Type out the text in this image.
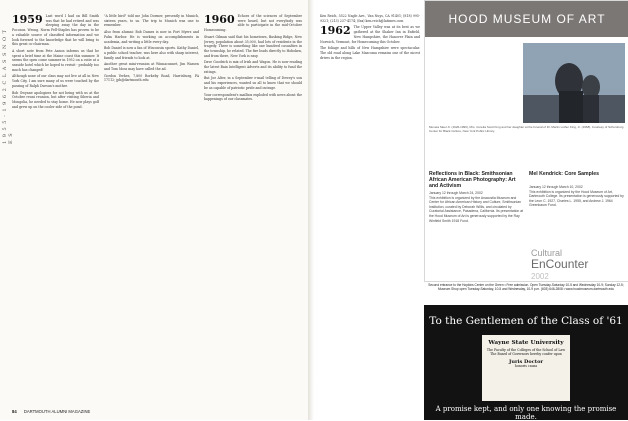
1 9 5 5 - 1 9 6 2 C L A S S N O T E S
1959 Last word I had on Bill Smith was that he had retired and was sleeping away the day in the Poconos. Wrong. Norm Fell-Staples has proven to be a valuable source of classified information and we look forward to the knowledge that he will bring to this great co-chairman.

A short note from Pete Anson informs us that he spent a brief time at the Maine coast this summer. It seems the open come summer in 1952 on a cutie at a seaside hotel which he hoped to revisit - probably too much has changed!

Although none of our class may not live at all in New York City, I am sure many of us were touched by the passing of Ralph Dursun's mother.

Bob Gwynne apologizes for not being with us at the October reuni reunion, but after visiting Siberia and Mongolia, he needed to stay home. He now plays golf and grew up on the cooler side of the pond.

"A little bird" told me John Dormer, presently in Munich, sixteen years, to us. The trip to Munich was one to remember.

Also from alumni: Bob Dames is now in Fort Myers and Palm Harbor. He is working on accomplishments in academia, and writing a little every day.

Bob Daniel is now a fan of Wisconsin sports. Kathy Daniel, a public school teacher, was here also with sharp interest, family and friends to look at.

Another great mini-reunion at Winnacunnet, Jim Wassen and Tom Moss may have called the ad.

Gordon Yerkes, 7,800 Rorkeby Road, Harrisburg, PA 17112; jph@dartmouth.edu

1960 Echoes of the sciences of September were heard, but not everybody was able to participate in the mid-October Homecoming.

Stuart Gilman said that his hometown, Basking Ridge, New Jersey, population about 35,000, had lots of residents in the tragedy. There is something like one hundred casualties in the township, he related. The fire leads directly to Hoboken, and from there, New York is easy.

Dave Goodrich is mix of Irish and Wagon. He is now reading the latest Bain Intelligent Adverts and its ability to fund the ratings.

But Joe Alter, in a September e-mail telling of Dewey's son and his experiences, wanted us all to know that we should be as capable of patriotic pride and outrage.

Your correspondent's mailbox exploded with news about the happenings of our classmates.

84 DARTMOUTH ALUMNI MAGAZINE

Ken Reich, 5522 Nagle Ave., Van Nuys, CA 91401; (818) 995-9321; (213) 237-4174; (fax) ken.reich@latimes.com

1962 The Upper Valley was at its best as we gathered at the Shaker Inn in Enfield, New Hampshire, the Hanover Plain and Norwich, Vermont, for Homecoming this October.

The foliage and hills of New Hampshire were spectacular. The old road along Lake Mascoma remains one of the nicest drives in the region.

HOOD MUSEUM OF ART
Moneta Sleet Jr. (1926-1996), Mrs. Coretta Scott King and her daughter at the funeral of Dr. Martin Luther King, Jr. (1968). Courtesy of Schomburg Center for Black Culture, New York Public Library.
Reflections in Black: Smithsonian African American Photography: Art and Activism
January 12 through March 24, 2002
This exhibition is organized by the Anacostia Museum and Center for African American History and Culture, Smithsonian Institution, curated by Deborah Willis, and circulated by Curatorial Assistance, Pasadena, California. Its presentation at the Hood Museum of Art is generously supported by the Ray Winfield Smith 1918 Fund.
Mel Kendrick: Core Samples
January 12 through March 10, 2002
This exhibition is organized by the Hood Museum of Art, Dartmouth College. Its presentation is generously supported by the Leon C. 1927, Charles L. 1955, and Andrew J. 1964 Greenbaum Fund.
Cultural
EnCounter
2002
Second entrance to the Hopkins Center on the Green • Free admission. Open Tuesday-Saturday 10-5 and Wednesday 10-9; Sunday 12-5; Museum Shop open Tuesday-Saturday, 10-5 and Wednesday, 10-9 p.m. (603) 646-2808 • www.hoodmuseum.dartmouth.edu
To the Gentlemen of the Class of '61
Wayne State University
The Faculty of the Colleges of the School of Law
The Board of Governors hereby confer upon
Juris Doctor
honoris causa
A promise kept, and only one knowing the promise made.
